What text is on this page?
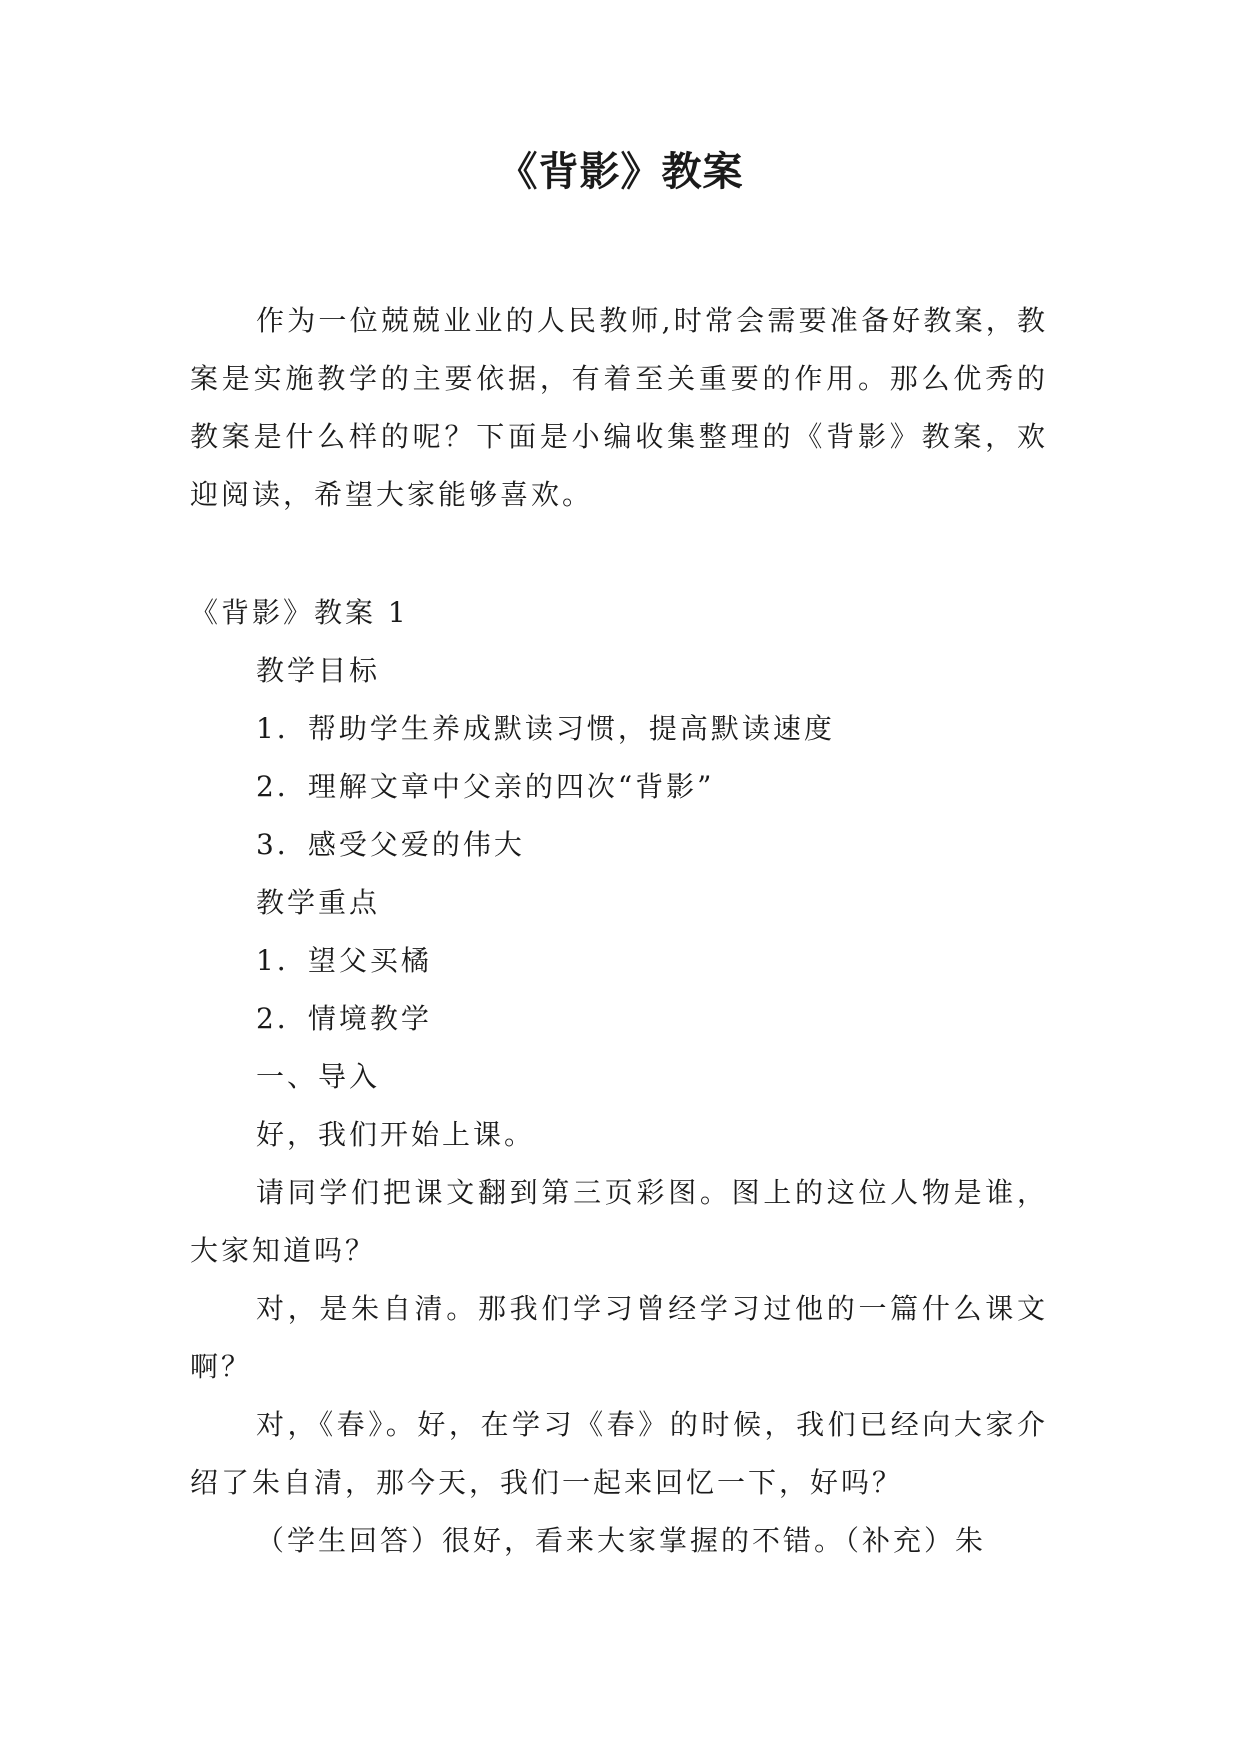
《背影》教案

作为一位兢兢业业的人民教师,时常会需要准备好教案，教案是实施教学的主要依据，有着至关重要的作用。那么优秀的教案是什么样的呢？下面是小编收集整理的《背影》教案，欢迎阅读，希望大家能够喜欢。

《背影》教案 1

教学目标

1．帮助学生养成默读习惯，提高默读速度

2．理解文章中父亲的四次“背影”

3．感受父爱的伟大

教学重点

1．望父买橘

2．情境教学

一、导入

好，我们开始上课。

请同学们把课文翻到第三页彩图。图上的这位人物是谁，大家知道吗？

对，是朱自清。那我们学习曾经学习过他的一篇什么课文啊？

对，《春》。好，在学习《春》的时候，我们已经向大家介绍了朱自清，那今天，我们一起来回忆一下，好吗？

（学生回答）很好，看来大家掌握的不错。（补充）朱
